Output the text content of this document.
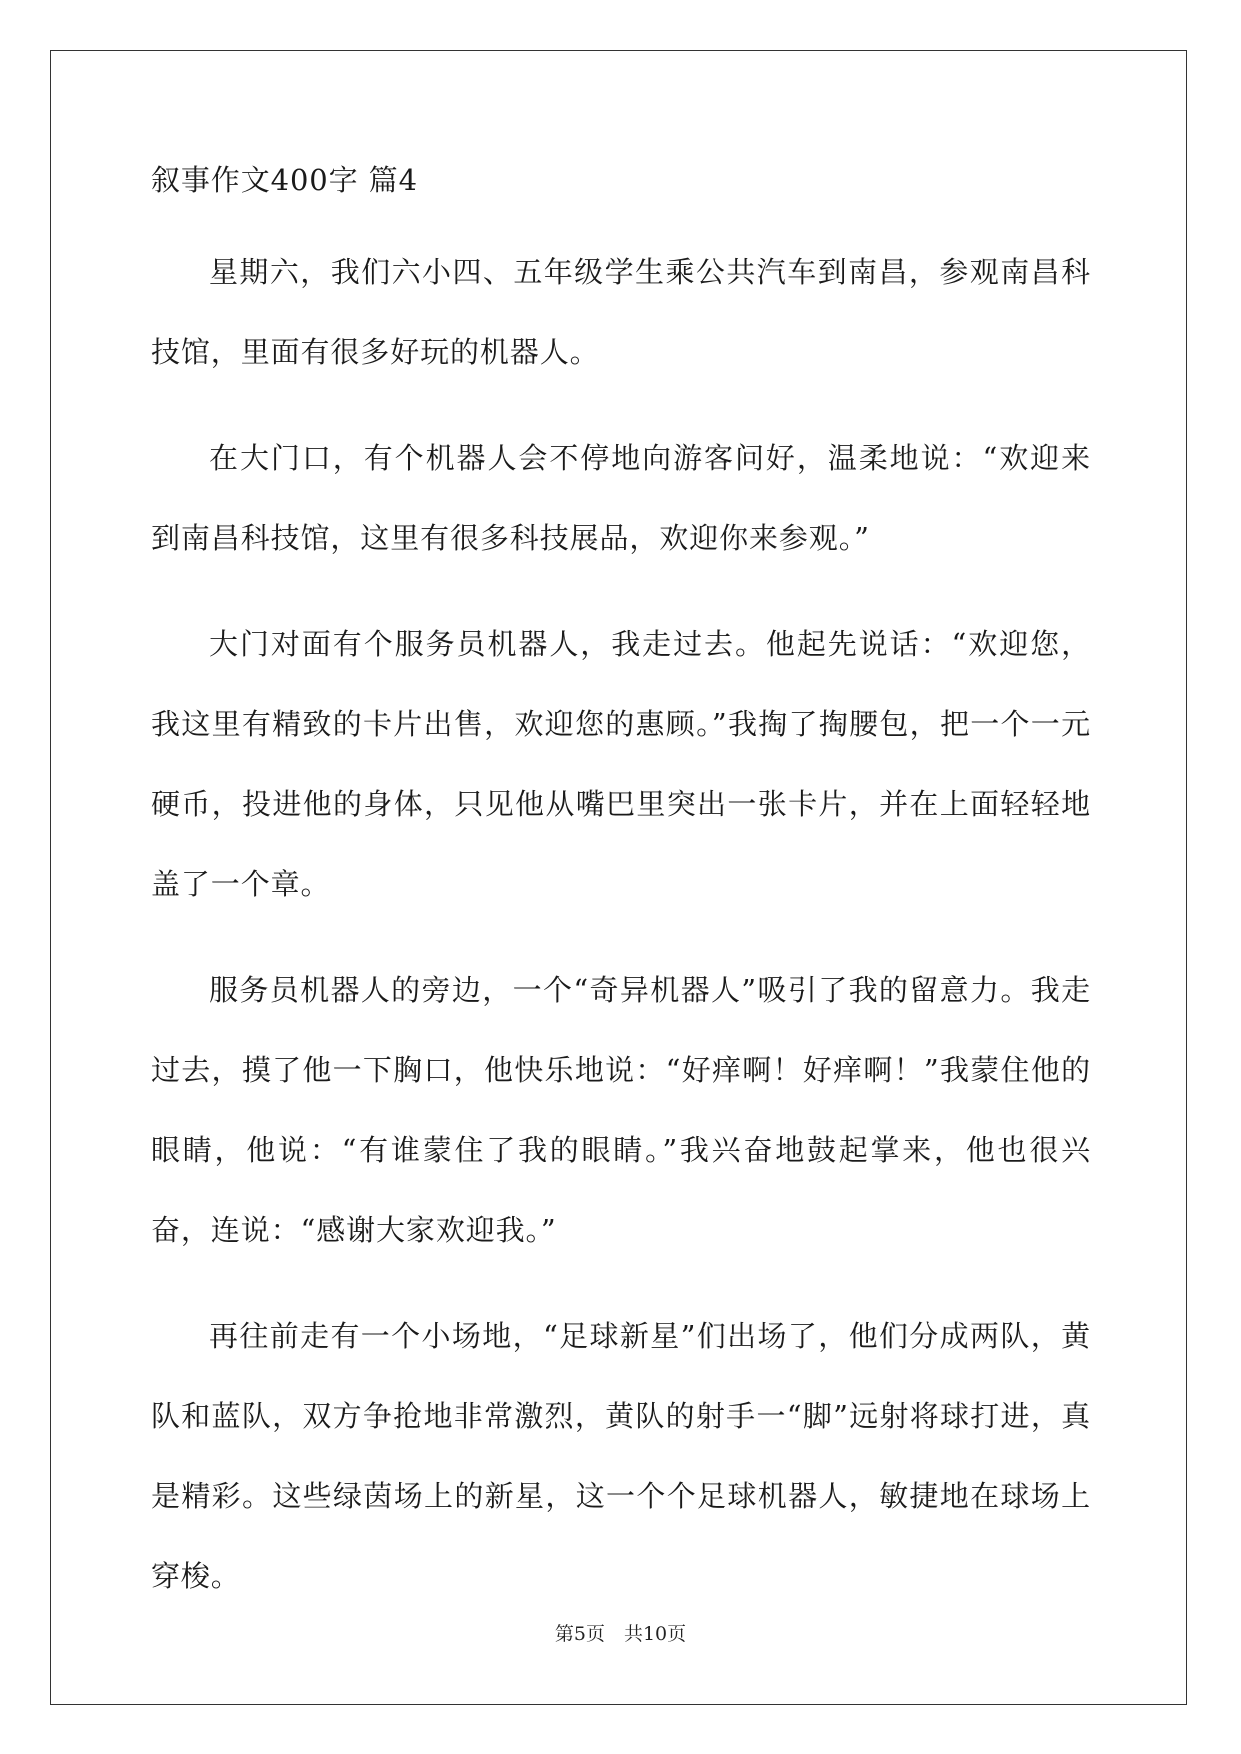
叙事作文400字 篇4

星期六，我们六小四、五年级学生乘公共汽车到南昌，参观南昌科技馆，里面有很多好玩的机器人。

在大门口，有个机器人会不停地向游客问好，温柔地说：“欢迎来到南昌科技馆，这里有很多科技展品，欢迎你来参观。”

大门对面有个服务员机器人，我走过去。他起先说话：“欢迎您，我这里有精致的卡片出售，欢迎您的惠顾。”我掏了掏腰包，把一个一元硬币，投进他的身体，只见他从嘴巴里突出一张卡片，并在上面轻轻地盖了一个章。

服务员机器人的旁边，一个“奇异机器人”吸引了我的留意力。我走过去，摸了他一下胸口，他快乐地说：“好痒啊！好痒啊！”我蒙住他的眼睛，他说：“有谁蒙住了我的眼睛。”我兴奋地鼓起掌来，他也很兴奋，连说：“感谢大家欢迎我。”

再往前走有一个小场地，“足球新星”们出场了，他们分成两队，黄队和蓝队，双方争抢地非常激烈，黄队的射手一“脚”远射将球打进，真是精彩。这些绿茵场上的新星，这一个个足球机器人，敏捷地在球场上穿梭。

第5页　共10页
